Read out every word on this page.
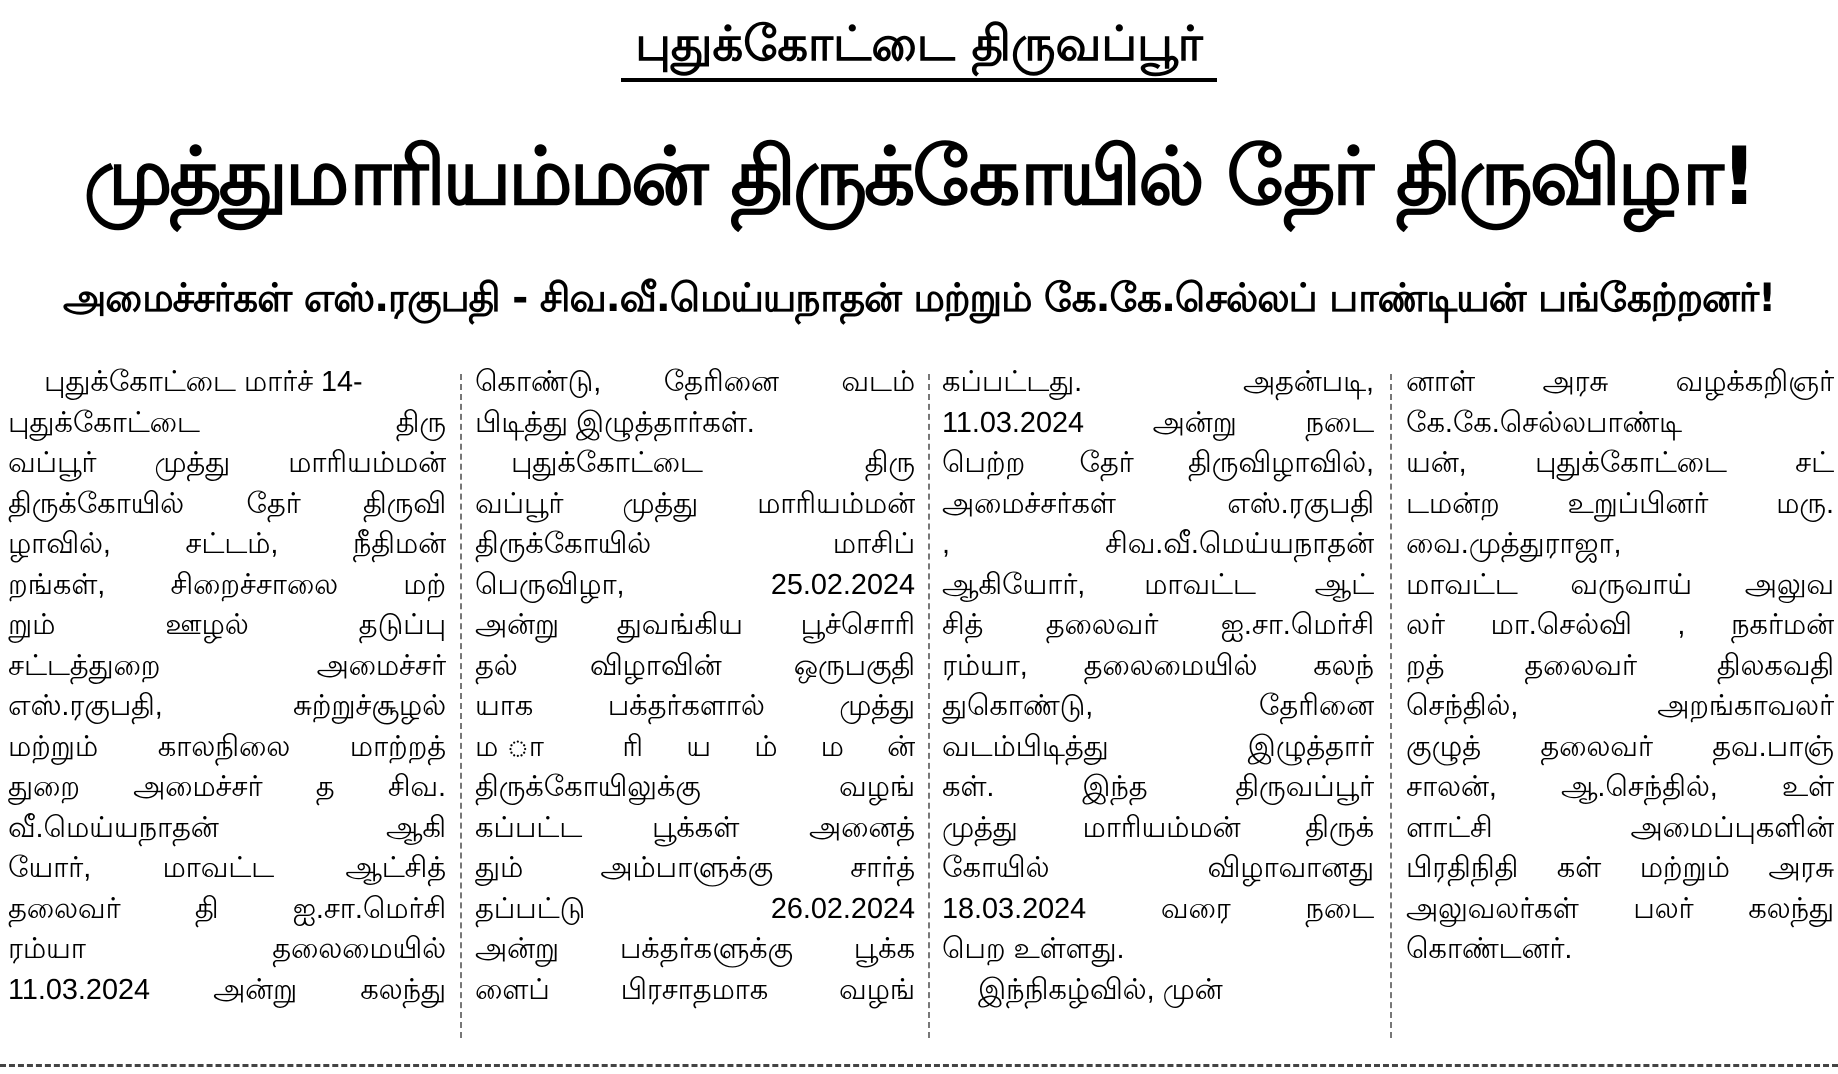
புதுக்கோட்டை திருவப்பூர்
முத்துமாரியம்மன் திருக்கோயில் தேர் திருவிழா!
அமைச்சர்கள் எஸ்.ரகுபதி - சிவ.வீ.மெய்யநாதன் மற்றும் கே.கே.செல்லப் பாண்டியன் பங்கேற்றனர்!
புதுக்கோட்டை மார்ச் 14-
புதுக்கோட்டை திரு
வப்பூர் முத்து மாரியம்மன்
திருக்கோயில் தேர் திருவி
ழாவில், சட்டம், நீதிமன்
றங்கள், சிறைச்சாலை மற்
றும் ஊழல் தடுப்பு
சட்டத்துறை அமைச்சர்
எஸ்.ரகுபதி, சுற்றுச்சூழல்
மற்றும் காலநிலை மாற்றத்
துறை அமைச்சர் த சிவ.
வீ.மெய்யநாதன் ஆகி
யோர், மாவட்ட ஆட்சித்
தலைவர் தி ஐ.சா.மெர்சி
ரம்யா தலைமையில்
11.03.2024 அன்று கலந்து
கொண்டு, தேரினை வடம்
பிடித்து இழுத்தார்கள்.
புதுக்கோட்டை திரு
வப்பூர் முத்து மாரியம்மன்
திருக்கோயில் மாசிப்
பெருவிழா, 25.02.2024
அன்று துவங்கிய பூச்சொரி
தல் விழாவின் ஒருபகுதி
யாக பக்தர்களால் முத்து
ம ா ரி ய ம் ம ன்
திருக்கோயிலுக்கு வழங்
கப்பட்ட பூக்கள் அனைத்
தும் அம்பாளுக்கு சார்த்
தப்பட்டு 26.02.2024
அன்று பக்தர்களுக்கு பூக்க
ளைப் பிரசாதமாக வழங்
கப்பட்டது. அதன்படி,
11.03.2024 அன்று நடை
பெற்ற தேர் திருவிழாவில்,
அமைச்சர்கள் எஸ்.ரகுபதி
, சிவ.வீ.மெய்யநாதன்
ஆகியோர், மாவட்ட ஆட்
சித் தலைவர் ஐ.சா.மெர்சி
ரம்யா, தலைமையில் கலந்
துகொண்டு, தேரினை
வடம்பிடித்து இழுத்தார்
கள். இந்த திருவப்பூர்
முத்து மாரியம்மன் திருக்
கோயில் விழாவானது
18.03.2024 வரை நடை
பெற உள்ளது.
இந்நிகழ்வில், முன்
னாள் அரசு வழக்கறிஞர்
கே.கே.செல்லபாண்டி
யன், புதுக்கோட்டை சட்
டமன்ற உறுப்பினர் மரு.
வை.முத்துராஜா,
மாவட்ட வருவாய் அலுவ
லர் மா.செல்வி , நகர்மன்
றத் தலைவர் திலகவதி
செந்தில், அறங்காவலர்
குழுத் தலைவர் தவ.பாஞ்
சாலன், ஆ.செந்தில், உள்
ளாட்சி அமைப்புகளின்
பிரதிநிதி கள் மற்றும் அரசு
அலுவலர்கள் பலர் கலந்து
கொண்டனர்.
